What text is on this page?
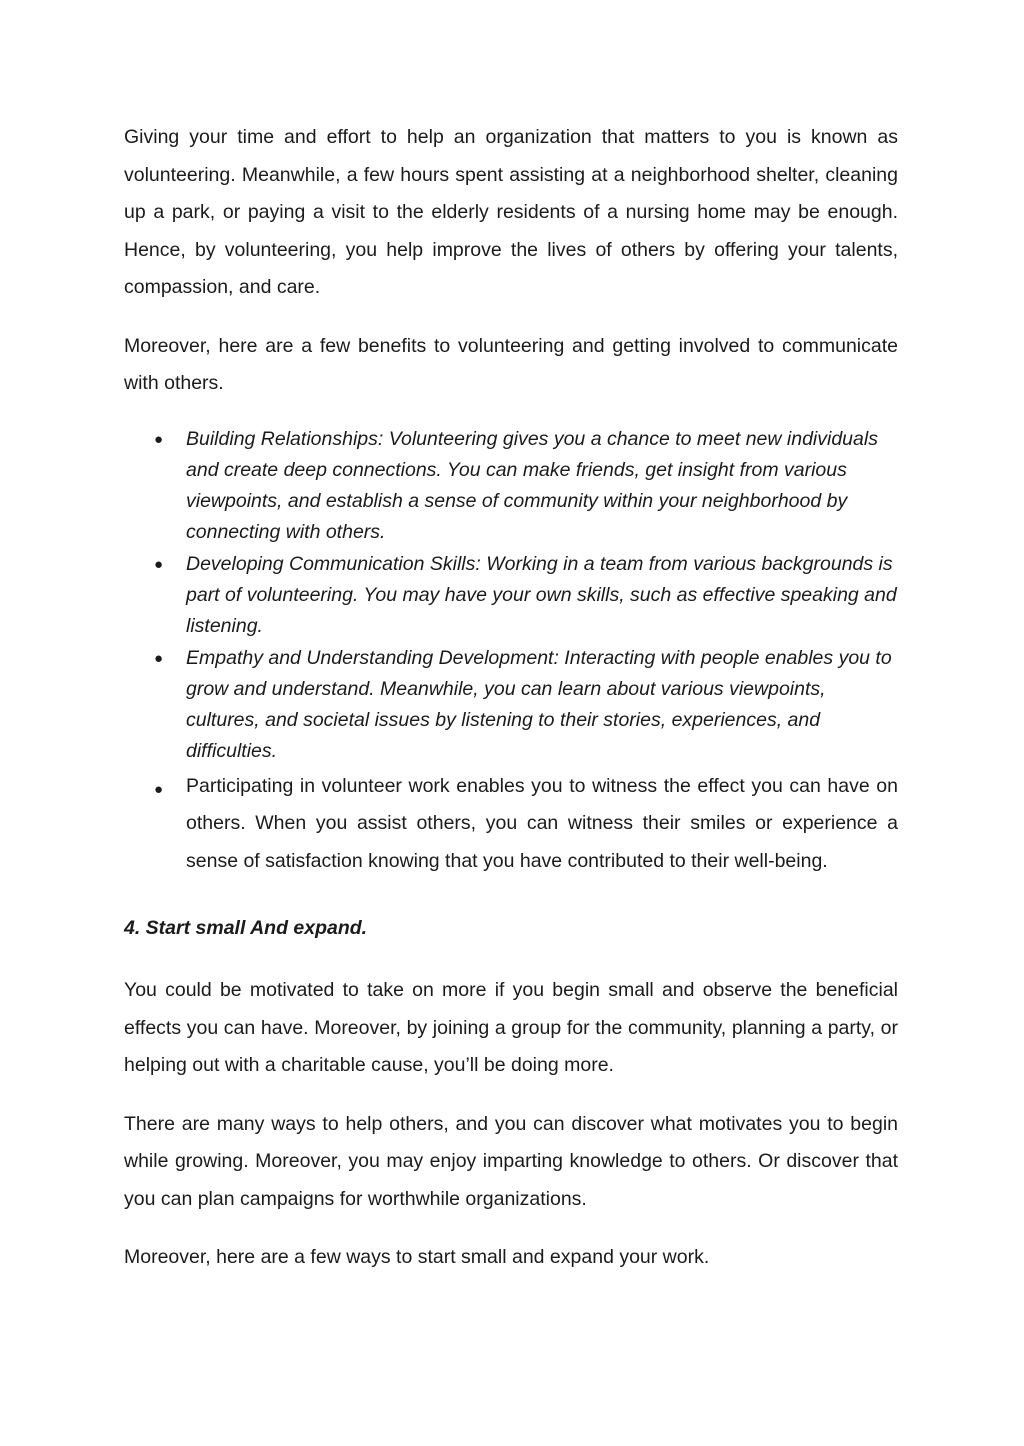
Giving your time and effort to help an organization that matters to you is known as volunteering. Meanwhile, a few hours spent assisting at a neighborhood shelter, cleaning up a park, or paying a visit to the elderly residents of a nursing home may be enough. Hence, by volunteering, you help improve the lives of others by offering your talents, compassion, and care.

Moreover, here are a few benefits to volunteering and getting involved to communicate with others.

● Building Relationships: Volunteering gives you a chance to meet new individuals and create deep connections. You can make friends, get insight from various viewpoints, and establish a sense of community within your neighborhood by connecting with others.
● Developing Communication Skills: Working in a team from various backgrounds is part of volunteering. You may have your own skills, such as effective speaking and listening.
● Empathy and Understanding Development: Interacting with people enables you to grow and understand. Meanwhile, you can learn about various viewpoints, cultures, and societal issues by listening to their stories, experiences, and difficulties.
● Participating in volunteer work enables you to witness the effect you can have on others. When you assist others, you can witness their smiles or experience a sense of satisfaction knowing that you have contributed to their well-being.
4. Start small And expand.

You could be motivated to take on more if you begin small and observe the beneficial effects you can have. Moreover, by joining a group for the community, planning a party, or helping out with a charitable cause, you’ll be doing more.

There are many ways to help others, and you can discover what motivates you to begin while growing. Moreover, you may enjoy imparting knowledge to others. Or discover that you can plan campaigns for worthwhile organizations.

Moreover, here are a few ways to start small and expand your work.
